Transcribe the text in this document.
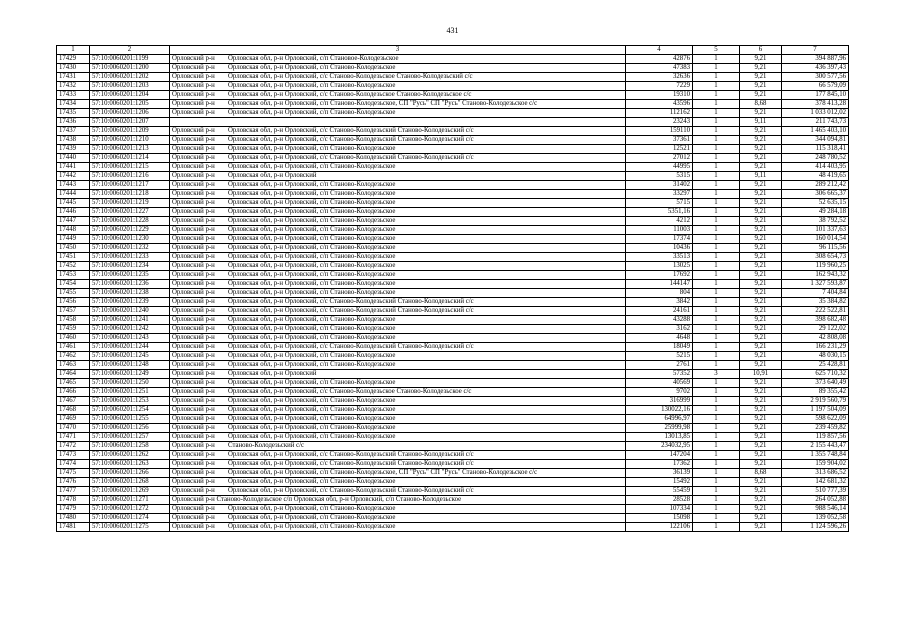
431
1	2	3	4	5	6	7
17429	57:10:0060201:1199	Орловский р-н Орловская обл, р-н Орловский, с/п Становое-Колодезьское	42876	1	9,21	394 887,96
17430	57:10:0060201:1200	Орловский р-н Орловская обл, р-н Орловский, с/п Станово-Колодезьское	47383	1	9,21	436 397,43
17431	57:10:0060201:1202	Орловский р-н Орловская обл, р-н Орловский, с/с Станово-Колодезьское Станово-Колодезьский с/с	32636	1	9,21	300 577,56
17432	57:10:0060201:1203	Орловский р-н Орловская обл, р-н Орловский, с/п Станово-Колодезьское	7229	1	9,21	66 579,09
17433	57:10:0060201:1204	Орловский р-н Орловская обл, р-н Орловский, с/с Станово-Колодезьское Станово-Колодезьское с/с	19310	1	9,21	177 845,10
17434	57:10:0060201:1205	Орловский р-н Орловская обл, р-н Орловский, с/п Станово-Колодезьское, СП "Русь" СП "Русь" Станово-Колодезьское с/с	43596	1	8,68	378 413,28
17435	57:10:0060201:1206	Орловский р-н Орловская обл, р-н Орловский, с/п Станово-Колодезьское	112162	1	9,21	1 033 012,02
17436	57:10:0060201:1207		23243	1	9,11	211 743,73
17437	57:10:0060201:1209	Орловский р-н Орловская обл, р-н Орловский, с/с Станово-Колодезьский Станово-Колодезьский с/с	159110	1	9,21	1 465 403,10
17438	57:10:0060201:1210	Орловский р-н Орловская обл, р-н Орловский, с/с Станово-Колодезьский Станово-Колодезьский с/с	37361	1	9,21	344 094,81
17439	57:10:0060201:1213	Орловский р-н Орловская обл, р-н Орловский, с/п Станово-Колодезьское	12521	1	9,21	115 318,41
17440	57:10:0060201:1214	Орловский р-н Орловская обл, р-н Орловский, с/с Станово-Колодезьский Станово-Колодезьский с/с	27012	1	9,21	248 780,52
17441	57:10:0060201:1215	Орловский р-н Орловская обл, р-н Орловский, с/п Станово-Колодезьское	44995	1	9,21	414 403,95
17442	57:10:0060201:1216	Орловский р-н Орловская обл, р-н Орловский	5315	1	9,11	48 419,65
17443	57:10:0060201:1217	Орловский р-н Орловская обл, р-н Орловский, с/п Станово-Колодезьское	31402	1	9,21	289 212,42
17444	57:10:0060201:1218	Орловский р-н Орловская обл, р-н Орловский, с/п Станово-Колодезьское	33297	1	9,21	306 665,37
17445	57:10:0060201:1219	Орловский р-н Орловская обл, р-н Орловский, с/п Станово-Колодезьское	5715	1	9,21	52 635,15
17446	57:10:0060201:1227	Орловский р-н Орловская обл, р-н Орловский, с/п Станово-Колодезьское	5351,16	1	9,21	49 284,18
17447	57:10:0060201:1228	Орловский р-н Орловская обл, р-н Орловский, с/п Станово-Колодезьское	4212	1	9,21	38 792,52
17448	57:10:0060201:1229	Орловский р-н Орловская обл, р-н Орловский, с/п Станово-Колодезьское	11003	1	9,21	101 337,63
17449	57:10:0060201:1230	Орловский р-н Орловская обл, р-н Орловский, с/п Станово-Колодезьское	17374	1	9,21	160 014,54
17450	57:10:0060201:1232	Орловский р-н Орловская обл, р-н Орловский, с/п Станово-Колодезьское	10436	1	9,21	96 115,56
17451	57:10:0060201:1233	Орловский р-н Орловская обл, р-н Орловский, с/п Станово-Колодезьское	33513	1	9,21	308 654,73
17452	57:10:0060201:1234	Орловский р-н Орловская обл, р-н Орловский, с/п Станово-Колодезьское	13025	1	9,21	119 960,25
17453	57:10:0060201:1235	Орловский р-н Орловская обл, р-н Орловский, с/п Станово-Колодезьское	17692	1	9,21	162 943,32
17454	57:10:0060201:1236	Орловский р-н Орловская обл, р-н Орловский, с/п Станово-Колодезьское	144147	1	9,21	1 327 593,87
17455	57:10:0060201:1238	Орловский р-н Орловская обл, р-н Орловский, с/п Станово-Колодезьское	804	1	9,21	7 404,84
17456	57:10:0060201:1239	Орловский р-н Орловская обл, р-н Орловский, с/с Станово-Колодезьский Станово-Колодезьский с/с	3842	1	9,21	35 384,82
17457	57:10:0060201:1240	Орловский р-н Орловская обл, р-н Орловский, с/с Станово-Колодезьский Станово-Колодезьский с/с	24161	1	9,21	222 522,81
17458	57:10:0060201:1241	Орловский р-н Орловская обл, р-н Орловский, с/п Станово-Колодезьское	43288	1	9,21	398 682,48
17459	57:10:0060201:1242	Орловский р-н Орловская обл, р-н Орловский, с/п Станово-Колодезьское	3162	1	9,21	29 122,02
17460	57:10:0060201:1243	Орловский р-н Орловская обл, р-н Орловский, с/п Станово-Колодезьское	4648	1	9,21	42 808,08
17461	57:10:0060201:1244	Орловский р-н Орловская обл, р-н Орловский, с/с Станово-Колодезьский Станово-Колодезьский с/с	18049	1	9,21	166 231,29
17462	57:10:0060201:1245	Орловский р-н Орловская обл, р-н Орловский, с/п Станово-Колодезьское	5215	1	9,21	48 030,15
17463	57:10:0060201:1248	Орловский р-н Орловская обл, р-н Орловский, с/п Станово-Колодезьское	2761	1	9,21	25 428,81
17464	57:10:0060201:1249	Орловский р-н Орловская обл, р-н Орловский	57352	3	10,91	625 710,32
17465	57:10:0060201:1250	Орловский р-н Орловская обл, р-н Орловский, с/п Станово-Колодезьское	40569	1	9,21	373 640,49
17466	57:10:0060201:1251	Орловский р-н Орловская обл, р-н Орловский, с/с Станово-Колодезьское Станово-Колодезьское с/с	9702	1	9,21	89 355,42
17467	57:10:0060201:1253	Орловский р-н Орловская обл, р-н Орловский, с/п Станово-Колодезьское	316999	1	9,21	2 919 560,79
17468	57:10:0060201:1254	Орловский р-н Орловская обл, р-н Орловский, с/п Станово-Колодезьское	130022,16	1	9,21	1 197 504,09
17469	57:10:0060201:1255	Орловский р-н Орловская обл, р-н Орловский, с/п Станово-Колодезьское	64996,97	1	9,21	598 622,09
17470	57:10:0060201:1256	Орловский р-н Орловская обл, р-н Орловский, с/п Станово-Колодезьское	25999,98	1	9,21	239 459,82
17471	57:10:0060201:1257	Орловский р-н Орловская обл, р-н Орловский, с/п Станово-Колодезьское	13013,85	1	9,21	119 857,56
17472	57:10:0060201:1258	Орловский р-н Станово-Колодезьский с/с	234032,95	1	9,21	2 155 443,47
17473	57:10:0060201:1262	Орловский р-н Орловская обл, р-н Орловский, с/с Станово-Колодезьский Станово-Колодезьский с/с	147204	1	9,21	1 355 748,84
17474	57:10:0060201:1263	Орловский р-н Орловская обл, р-н Орловский, с/с Станово-Колодезьский Станово-Колодезьский с/с	17362	1	9,21	159 904,02
17475	57:10:0060201:1266	Орловский р-н Орловская обл, р-н Орловский, с/п Станово-Колодезьское, СП "Русь" СП "Русь" Станово-Колодезьское с/с	36139	1	8,68	313 686,52
17476	57:10:0060201:1268	Орловский р-н Орловская обл, р-н Орловский, с/п Станово-Колодезьское	15492	1	9,21	142 681,32
17477	57:10:0060201:1269	Орловский р-н Орловская обл, р-н Орловский, с/с Станово-Колодезьский Станово-Колодезьский с/с	55459	1	9,21	510 777,39
17478	57:10:0060201:1271	Орловский р-н Станово-Колодезьское с/п Орловская обл, р-н Орловский, с/п Станово-Колодезьское	28528	1	9,21	264 052,88
17479	57:10:0060201:1272	Орловский р-н Орловская обл, р-н Орловский, с/п Станово-Колодезьское	107334	1	9,21	988 546,14
17480	57:10:0060201:1274	Орловский р-н Орловская обл, р-н Орловский, с/п Станово-Колодезьское	15098	1	9,21	139 052,58
17481	57:10:0060201:1275	Орловский р-н Орловская обл, р-н Орловский, с/п Станово-Колодезьское	122106	1	9,21	1 124 596,26
